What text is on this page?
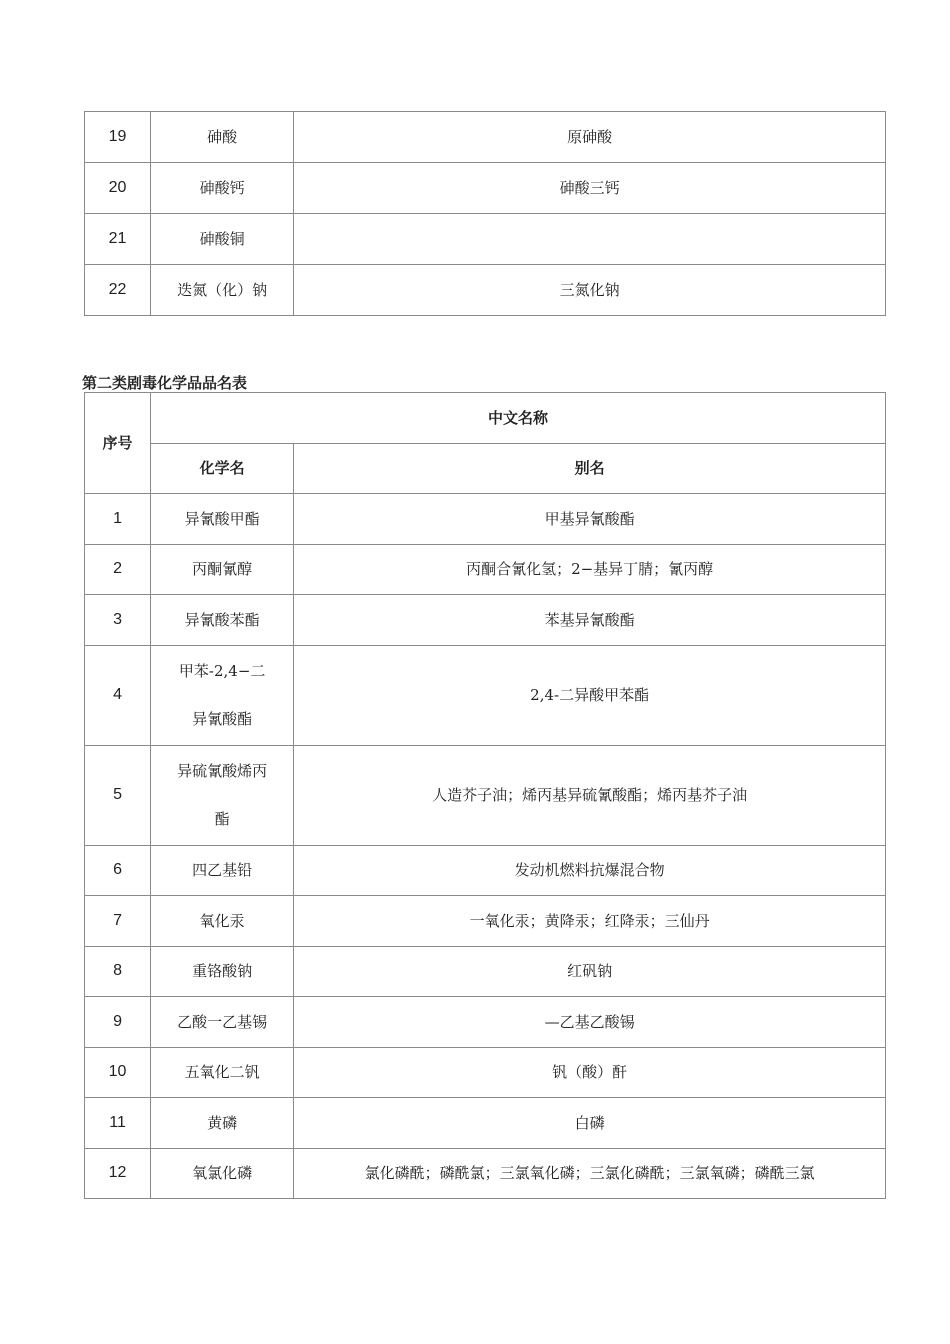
19	砷酸	原砷酸
20	砷酸钙	砷酸三钙
21	砷酸铜	
22	迭氮（化）钠	三氮化钠
第二类剧毒化学品品名表
序号	中文名称	
	化学名	别名
1	异氰酸甲酯	甲基异氰酸酯
2	丙酮氰醇	丙酮合氰化氢；2−基异丁腈；氰丙醇
3	异氰酸苯酯	苯基异氰酸酯
4	甲苯-2,4−二
异氰酸酯	2,4-二异酸甲苯酯
5	异硫氰酸烯丙
酯	人造芥子油；烯丙基异硫氰酸酯；烯丙基芥子油
6	四乙基铅	发动机燃料抗爆混合物
7	氧化汞	一氧化汞；黄降汞；红降汞；三仙丹
8	重铬酸钠	红矾钠
9	乙酸一乙基锡	—乙基乙酸锡
10	五氧化二钒	钒（酸）酐
11	黄磷	白磷
12	氧氯化磷	氯化磷酰；磷酰氯；三氯氧化磷；三氯化磷酰；三氯氧磷；磷酰三氯
